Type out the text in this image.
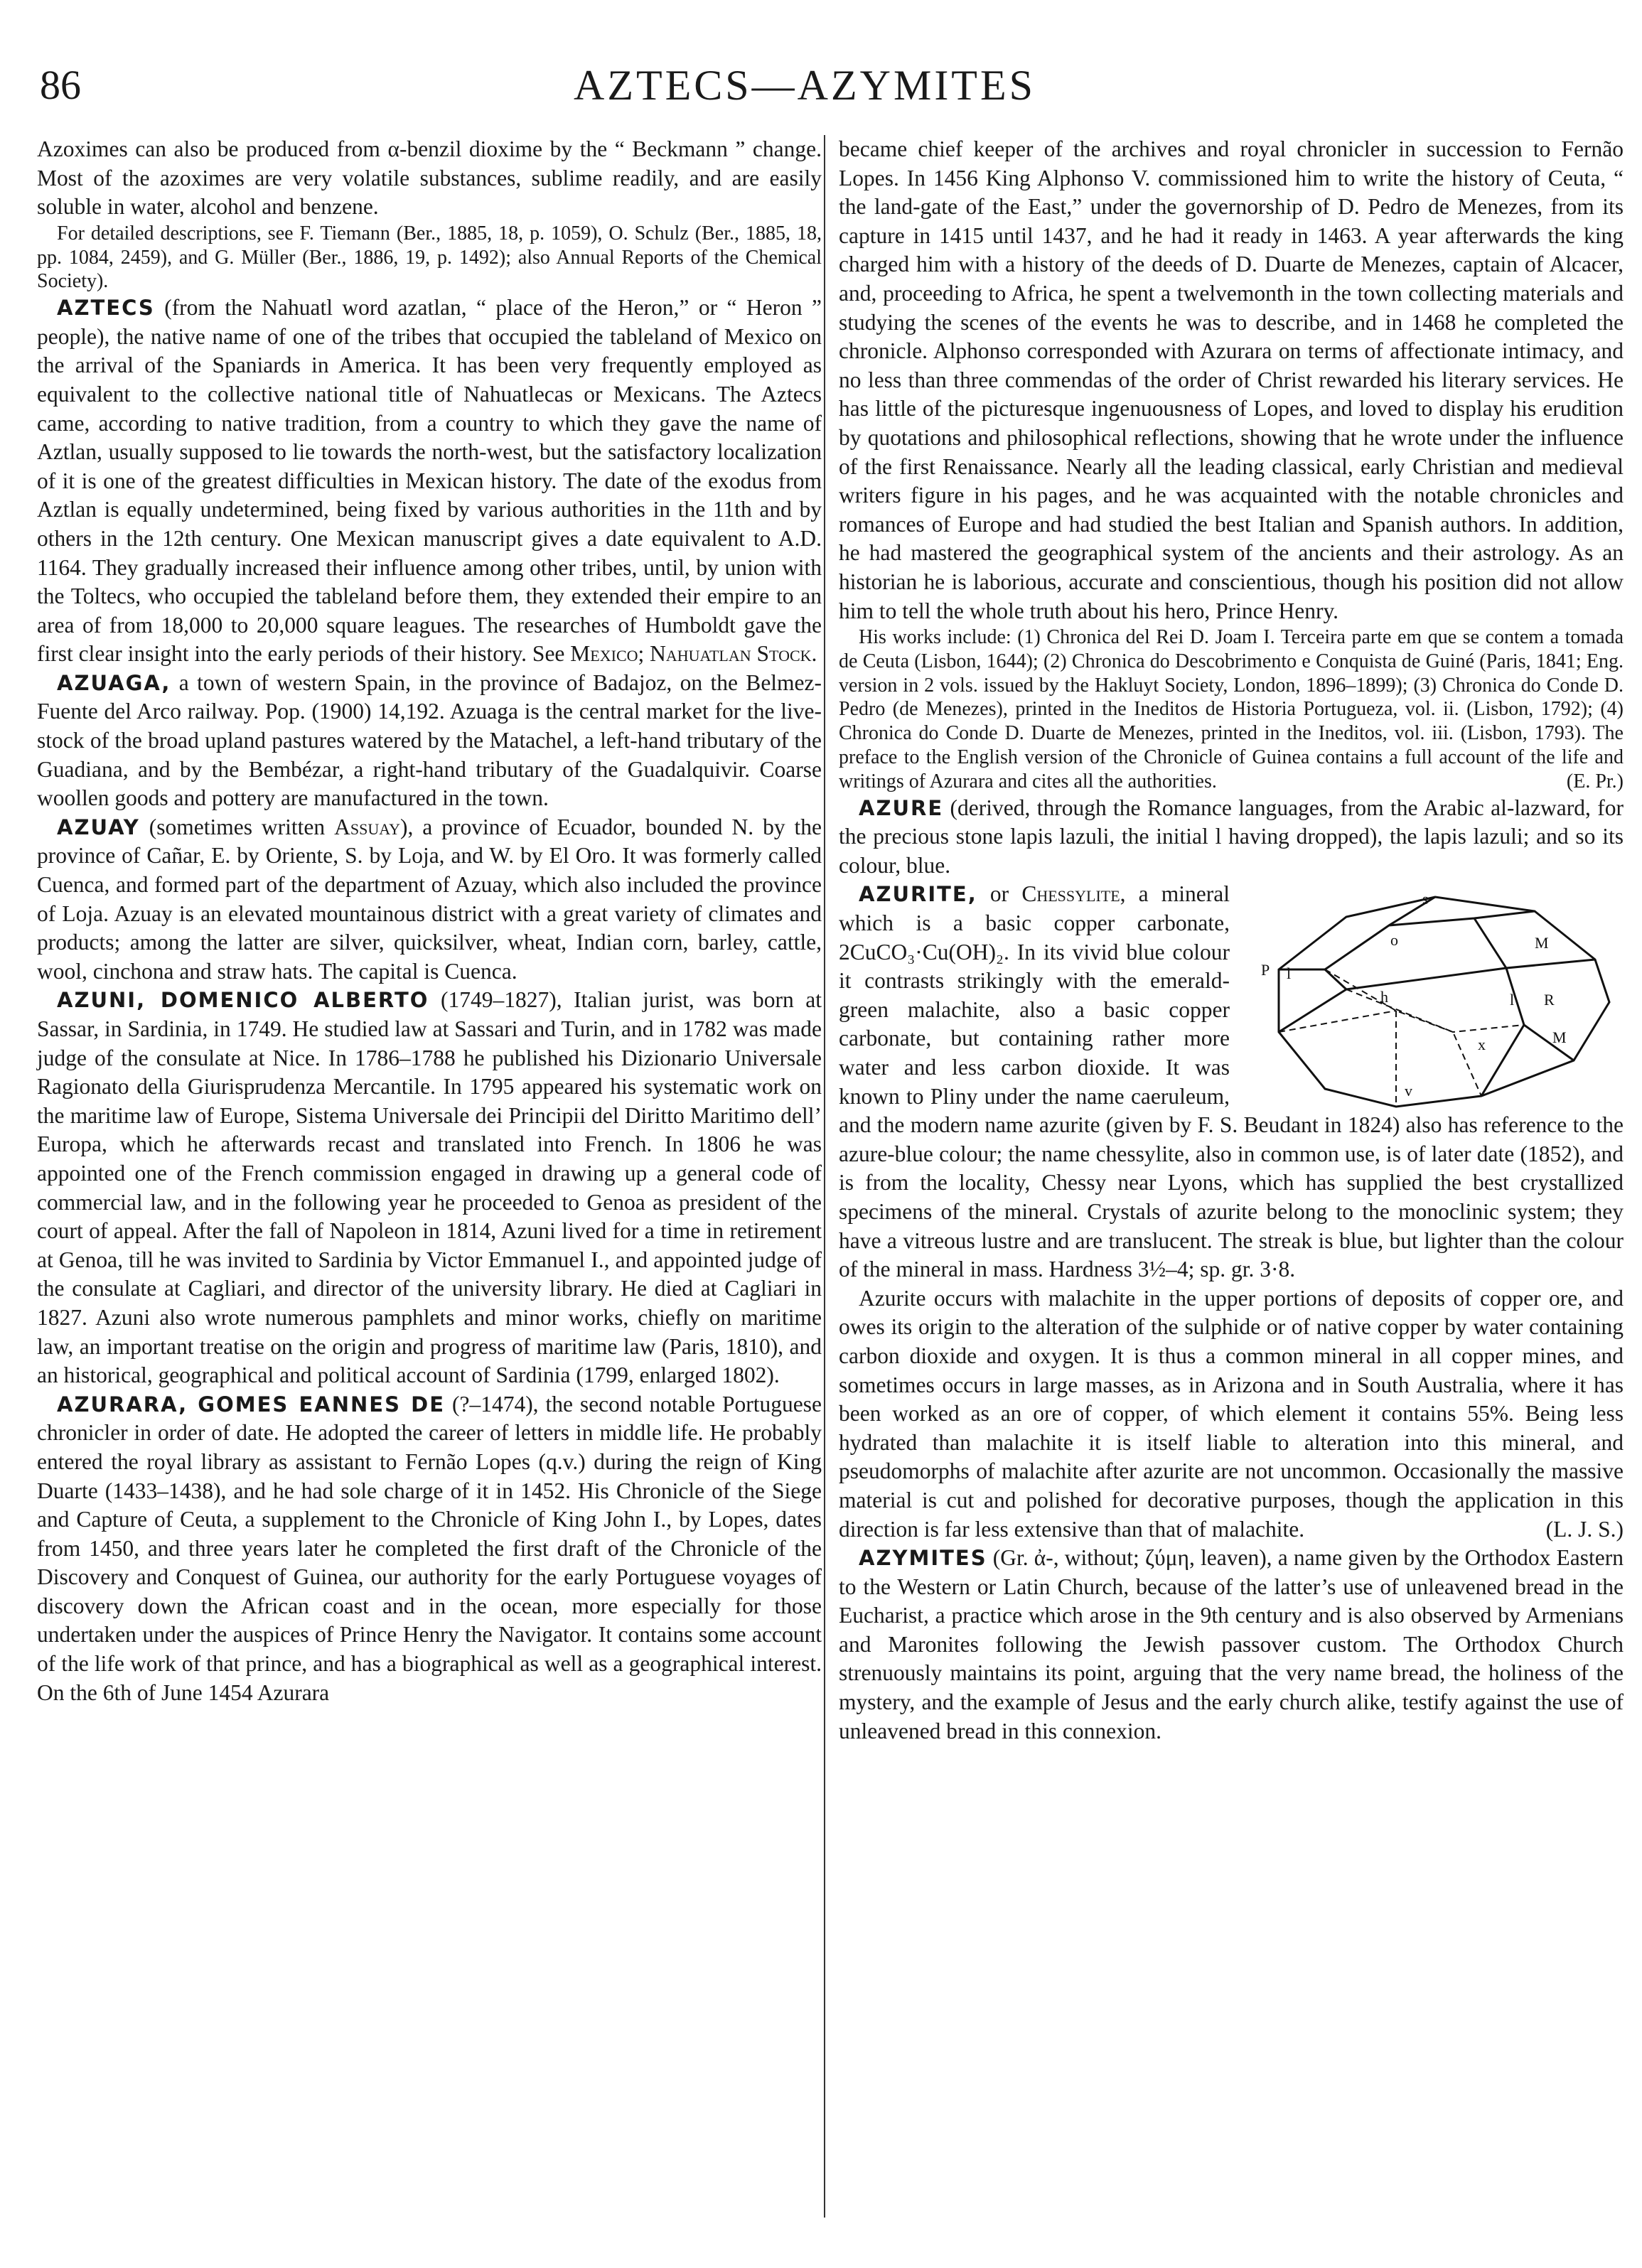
86	AZTECS—AZYMITES

Azoximes can also be produced from α-benzil dioxime by the “ Beckmann ” change. Most of the azoximes are very volatile substances, sublime readily, and are easily soluble in water, alcohol and benzene.

For detailed descriptions, see F. Tiemann (Ber., 1885, 18, p. 1059), O. Schulz (Ber., 1885, 18, pp. 1084, 2459), and G. Müller (Ber., 1886, 19, p. 1492); also Annual Reports of the Chemical Society).

AZTECS (from the Nahuatl word azatlan, “ place of the Heron,” or “ Heron ” people), the native name of one of the tribes that occupied the tableland of Mexico on the arrival of the Spaniards in America. It has been very frequently employed as equivalent to the collective national title of Nahuatlecas or Mexicans. The Aztecs came, according to native tradition, from a country to which they gave the name of Aztlan, usually supposed to lie towards the north-west, but the satisfactory localization of it is one of the greatest difficulties in Mexican history. The date of the exodus from Aztlan is equally undetermined, being fixed by various authorities in the 11th and by others in the 12th century. One Mexican manuscript gives a date equivalent to A.D. 1164. They gradually increased their influence among other tribes, until, by union with the Toltecs, who occupied the tableland before them, they extended their empire to an area of from 18,000 to 20,000 square leagues. The researches of Humboldt gave the first clear insight into the early periods of their history. See Mexico; Nahuatlan Stock.

AZUAGA, a town of western Spain, in the province of Badajoz, on the Belmez-Fuente del Arco railway. Pop. (1900) 14,192. Azuaga is the central market for the live-stock of the broad upland pastures watered by the Matachel, a left-hand tributary of the Guadiana, and by the Bembézar, a right-hand tributary of the Guadalquivir. Coarse woollen goods and pottery are manufactured in the town.

AZUAY (sometimes written Assuay), a province of Ecuador, bounded N. by the province of Cañar, E. by Oriente, S. by Loja, and W. by El Oro. It was formerly called Cuenca, and formed part of the department of Azuay, which also included the province of Loja. Azuay is an elevated mountainous district with a great variety of climates and products; among the latter are silver, quicksilver, wheat, Indian corn, barley, cattle, wool, cinchona and straw hats. The capital is Cuenca.

AZUNI, DOMENICO ALBERTO (1749–1827), Italian jurist, was born at Sassar, in Sardinia, in 1749. He studied law at Sassari and Turin, and in 1782 was made judge of the consulate at Nice. In 1786–1788 he published his Dizionario Universale Ragionato della Giurisprudenza Mercantile. In 1795 appeared his systematic work on the maritime law of Europe, Sistema Universale dei Principii del Diritto Maritimo dell’ Europa, which he afterwards recast and translated into French. In 1806 he was appointed one of the French commission engaged in drawing up a general code of commercial law, and in the following year he proceeded to Genoa as president of the court of appeal. After the fall of Napoleon in 1814, Azuni lived for a time in retirement at Genoa, till he was invited to Sardinia by Victor Emmanuel I., and appointed judge of the consulate at Cagliari, and director of the university library. He died at Cagliari in 1827. Azuni also wrote numerous pamphlets and minor works, chiefly on maritime law, an important treatise on the origin and progress of maritime law (Paris, 1810), and an historical, geographical and political account of Sardinia (1799, enlarged 1802).

AZURARA, GOMES EANNES DE (?–1474), the second notable Portuguese chronicler in order of date. He adopted the career of letters in middle life. He probably entered the royal library as assistant to Fernão Lopes (q.v.) during the reign of King Duarte (1433–1438), and he had sole charge of it in 1452. His Chronicle of the Siege and Capture of Ceuta, a supplement to the Chronicle of King John I., by Lopes, dates from 1450, and three years later he completed the first draft of the Chronicle of the Discovery and Conquest of Guinea, our authority for the early Portuguese voyages of discovery down the African coast and in the ocean, more especially for those undertaken under the auspices of Prince Henry the Navigator. It contains some account of the life work of that prince, and has a biographical as well as a geographical interest. On the 6th of June 1454 Azurara

became chief keeper of the archives and royal chronicler in succession to Fernão Lopes. In 1456 King Alphonso V. commissioned him to write the history of Ceuta, “ the land-gate of the East,” under the governorship of D. Pedro de Menezes, from its capture in 1415 until 1437, and he had it ready in 1463. A year afterwards the king charged him with a history of the deeds of D. Duarte de Menezes, captain of Alcacer, and, proceeding to Africa, he spent a twelvemonth in the town collecting materials and studying the scenes of the events he was to describe, and in 1468 he completed the chronicle. Alphonso corresponded with Azurara on terms of affectionate intimacy, and no less than three commendas of the order of Christ rewarded his literary services. He has little of the picturesque ingenuousness of Lopes, and loved to display his erudition by quotations and philosophical reflections, showing that he wrote under the influence of the first Renaissance. Nearly all the leading classical, early Christian and medieval writers figure in his pages, and he was acquainted with the notable chronicles and romances of Europe and had studied the best Italian and Spanish authors. In addition, he had mastered the geographical system of the ancients and their astrology. As an historian he is laborious, accurate and conscientious, though his position did not allow him to tell the whole truth about his hero, Prince Henry.

His works include: (1) Chronica del Rei D. Joam I. Terceira parte em que se contem a tomada de Ceuta (Lisbon, 1644); (2) Chronica do Descobrimento e Conquista de Guiné (Paris, 1841; Eng. version in 2 vols. issued by the Hakluyt Society, London, 1896–1899); (3) Chronica do Conde D. Pedro (de Menezes), printed in the Ineditos de Historia Portugueza, vol. ii. (Lisbon, 1792); (4) Chronica do Conde D. Duarte de Menezes, printed in the Ineditos, vol. iii. (Lisbon, 1793). The preface to the English version of the Chronicle of Guinea contains a full account of the life and writings of Azurara and cites all the authorities.	(E. Pr.)

AZURE (derived, through the Romance languages, from the Arabic al-lazward, for the precious stone lapis lazuli, the initial l having dropped), the lapis lazuli; and so its colour, blue.

s
o	M
P l
h	l R
x	M
v
AZURITE, or Chessylite, a mineral which is a basic copper carbonate, 2CuCO₃·Cu(OH)₂. In its vivid blue colour it contrasts strikingly with the emerald-green malachite, also a basic copper carbonate, but containing rather more water and less carbon dioxide. It was known to Pliny under the name caeruleum, and the modern name azurite (given by F. S. Beudant in 1824) also has reference to the azure-blue colour; the name chessylite, also in common use, is of later date (1852), and is from the locality, Chessy near Lyons, which has supplied the best crystallized specimens of the mineral. Crystals of azurite belong to the monoclinic system; they have a vitreous lustre and are translucent. The streak is blue, but lighter than the colour of the mineral in mass. Hardness 3½–4; sp. gr. 3·8.

Azurite occurs with malachite in the upper portions of deposits of copper ore, and owes its origin to the alteration of the sulphide or of native copper by water containing carbon dioxide and oxygen. It is thus a common mineral in all copper mines, and sometimes occurs in large masses, as in Arizona and in South Australia, where it has been worked as an ore of copper, of which element it contains 55%. Being less hydrated than malachite it is itself liable to alteration into this mineral, and pseudomorphs of malachite after azurite are not uncommon. Occasionally the massive material is cut and polished for decorative purposes, though the application in this direction is far less extensive than that of malachite.	(L. J. S.)

AZYMITES (Gr. ἀ-, without; ζύμη, leaven), a name given by the Orthodox Eastern to the Western or Latin Church, because of the latter’s use of unleavened bread in the Eucharist, a practice which arose in the 9th century and is also observed by Armenians and Maronites following the Jewish passover custom. The Orthodox Church strenuously maintains its point, arguing that the very name bread, the holiness of the mystery, and the example of Jesus and the early church alike, testify against the use of unleavened bread in this connexion.
